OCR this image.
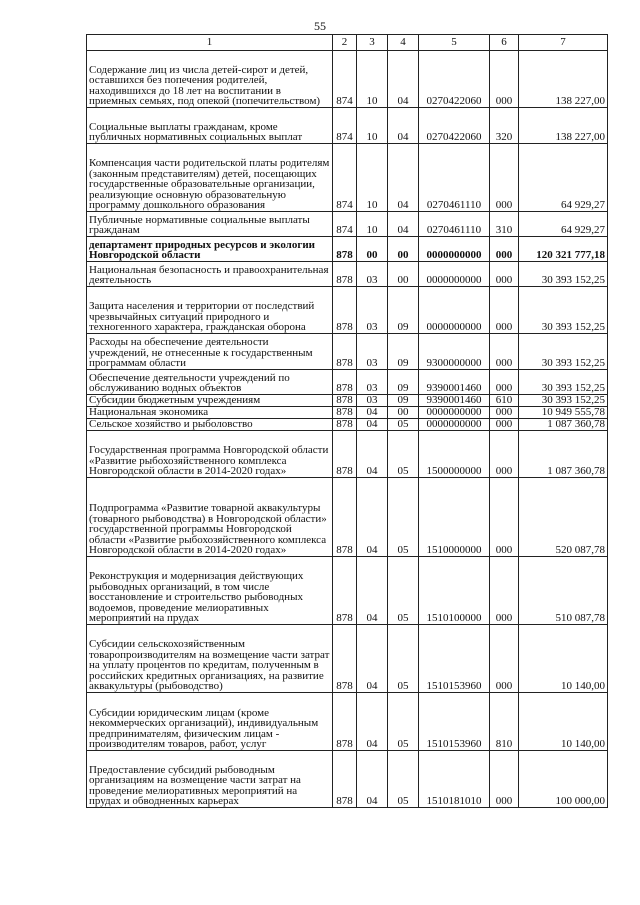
55
1	2	3	4	5	6	7
Содержание лиц из числа детей-сирот и детей, оставшихся без попечения родителей, находившихся до 18 лет на воспитании в приемных семьях, под опекой (попечительством)	874	10	04	0270422060	000	138 227,00
Социальные выплаты гражданам, кроме публичных нормативных социальных выплат	874	10	04	0270422060	320	138 227,00
Компенсация части родительской платы родителям (законным представителям) детей, посещающих государственные образовательные организации, реализующие основную образовательную программу дошкольного образования	874	10	04	0270461110	000	64 929,27
Публичные нормативные социальные выплаты гражданам	874	10	04	0270461110	310	64 929,27
департамент природных ресурсов и экологии Новгородской области	878	00	00	0000000000	000	120 321 777,18
Национальная безопасность и правоохранительная деятельность	878	03	00	0000000000	000	30 393 152,25
Защита населения и территории от последствий чрезвычайных ситуаций природного и техногенного характера, гражданская оборона	878	03	09	0000000000	000	30 393 152,25
Расходы на обеспечение деятельности учреждений, не отнесенные к государственным программам области	878	03	09	9300000000	000	30 393 152,25
Обеспечение деятельности учреждений по обслуживанию водных объектов	878	03	09	9390001460	000	30 393 152,25
Субсидии бюджетным учреждениям	878	03	09	9390001460	610	30 393 152,25
Национальная экономика	878	04	00	0000000000	000	10 949 555,78
Сельское хозяйство и рыболовство	878	04	05	0000000000	000	1 087 360,78
Государственная программа Новгородской области «Развитие рыбохозяйственного комплекса Новгородской области в 2014-2020 годах»	878	04	05	1500000000	000	1 087 360,78
Подпрограмма «Развитие товарной аквакультуры (товарного рыбоводства) в Новгородской области» государственной программы Новгородской области «Развитие рыбохозяйственного комплекса Новгородской области в 2014-2020 годах»	878	04	05	1510000000	000	520 087,78
Реконструкция и модернизация действующих рыбоводных организаций, в том числе восстановление и строительство рыбоводных водоемов, проведение мелиоративных мероприятий на прудах	878	04	05	1510100000	000	510 087,78
Субсидии сельскохозяйственным товаропроизводителям на возмещение части затрат на уплату процентов по кредитам, полученным в российских кредитных организациях, на развитие аквакультуры (рыбоводство)	878	04	05	1510153960	000	10 140,00
Субсидии юридическим лицам (кроме некоммерческих организаций), индивидуальным предпринимателям, физическим лицам - производителям товаров, работ, услуг	878	04	05	1510153960	810	10 140,00
Предоставление субсидий рыбоводным организациям на возмещение части затрат на проведение мелиоративных мероприятий на прудах и обводненных карьерах	878	04	05	1510181010	000	100 000,00
